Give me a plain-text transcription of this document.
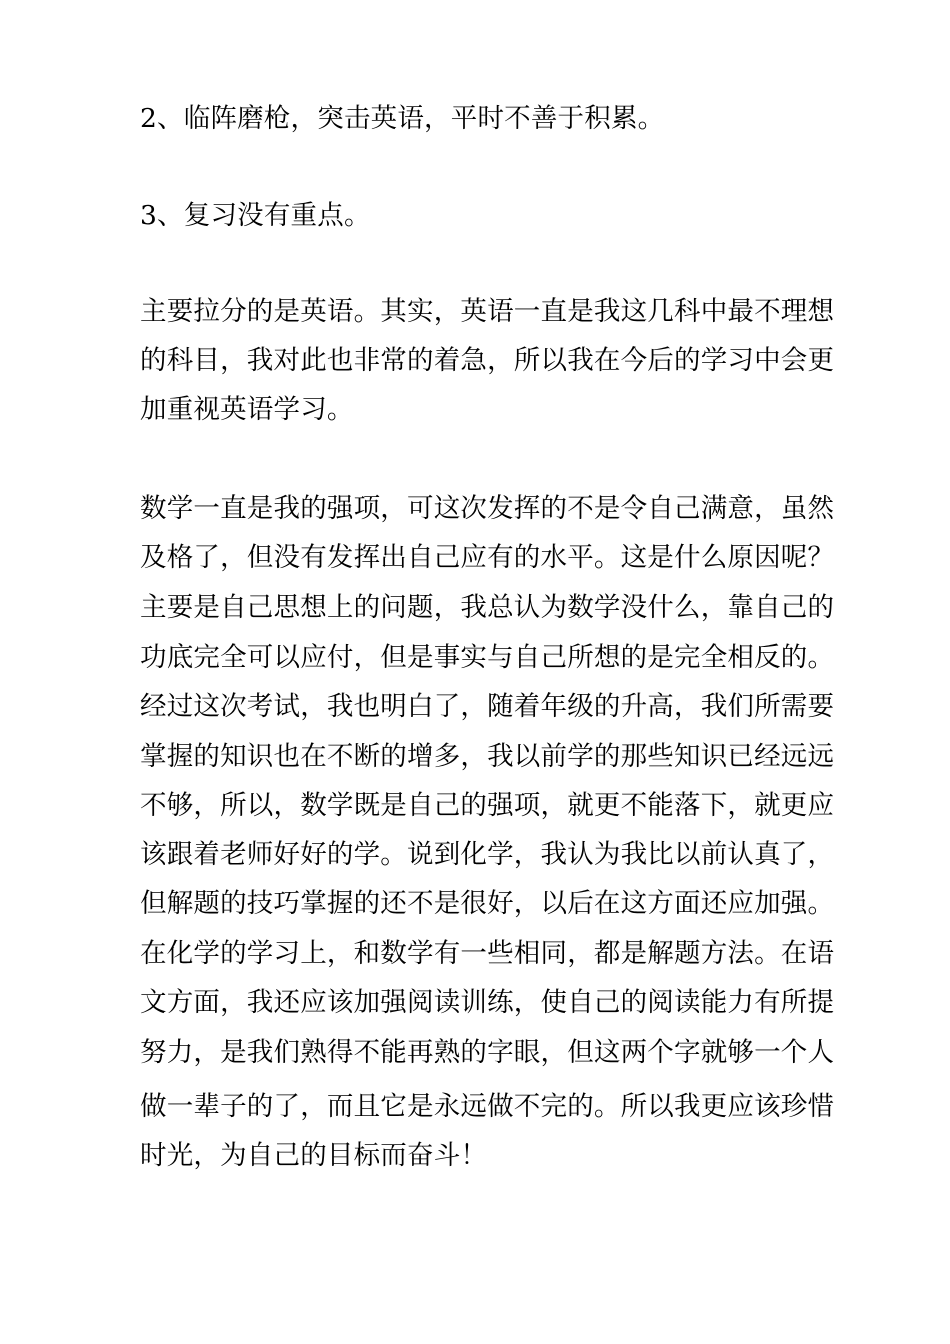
2、临阵磨枪，突击英语，平时不善于积累。
3、复习没有重点。
主要拉分的是英语。其实，英语一直是我这几科中最不理想
的科目，我对此也非常的着急，所以我在今后的学习中会更
加重视英语学习。
数学一直是我的强项，可这次发挥的不是令自己满意，虽然
及格了，但没有发挥出自己应有的水平。这是什么原因呢？
主要是自己思想上的问题，我总认为数学没什么，靠自己的
功底完全可以应付，但是事实与自己所想的是完全相反的。
经过这次考试，我也明白了，随着年级的升高，我们所需要
掌握的知识也在不断的增多，我以前学的那些知识已经远远
不够，所以，数学既是自己的强项，就更不能落下，就更应
该跟着老师好好的学。说到化学，我认为我比以前认真了，
但解题的技巧掌握的还不是很好，以后在这方面还应加强。
在化学的学习上，和数学有一些相同，都是解题方法。在语
文方面，我还应该加强阅读训练，使自己的阅读能力有所提
努力，是我们熟得不能再熟的字眼，但这两个字就够一个人
做一辈子的了，而且它是永远做不完的。所以我更应该珍惜
时光，为自己的目标而奋斗！
